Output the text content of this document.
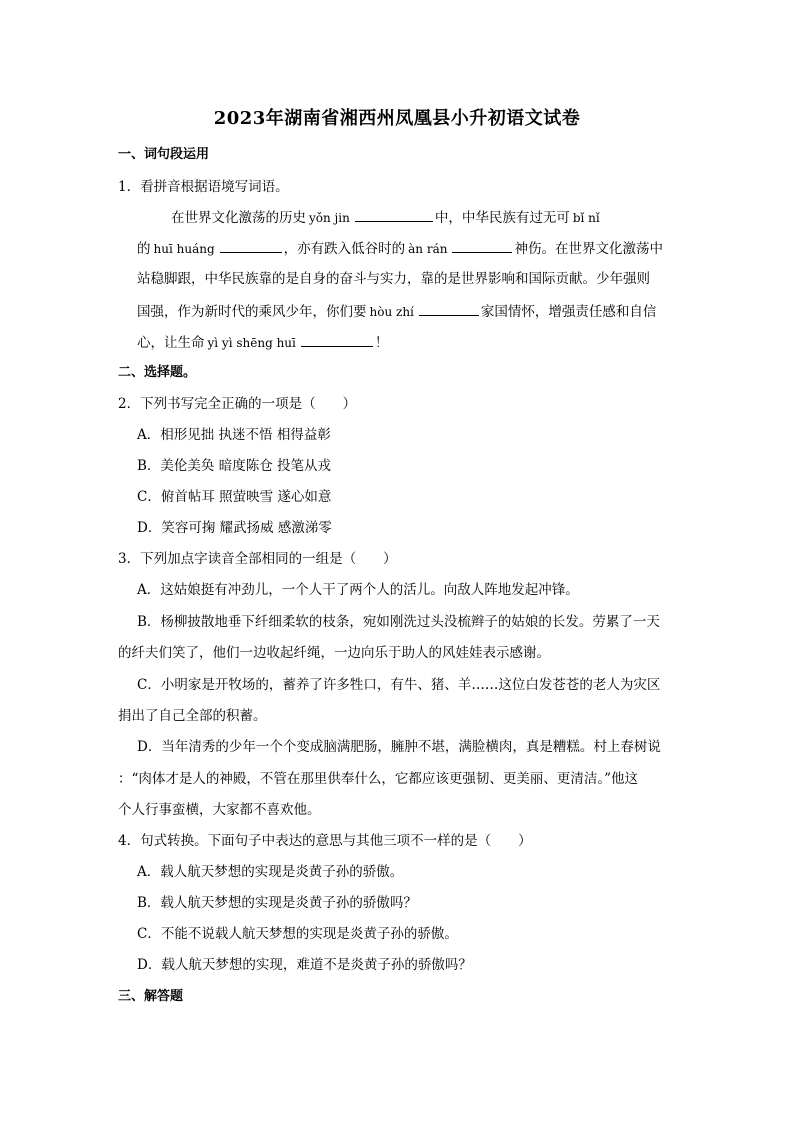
2023年湖南省湘西州凤凰县小升初语文试卷
一、词句段运用
1．看拼音根据语境写词语。
在世界文化激荡的历史 yǒn jin	中，中华民族有过无可 bǐ nǐ
的 huī huáng	，亦有跌入低谷时的 àn rán	神伤。在世界文化激荡中
站稳脚跟，中华民族靠的是自身的奋斗与实力，靠的是世界影响和国际贡献。少年强则
国强，作为新时代的乘风少年，你们要 hòu zhí	家国情怀，增强责任感和自信
心，让生命 yì yì shēng huī	！
二、选择题。
2．下列书写完全正确的一项是（　　）
A．相形见拙 执迷不悟 相得益彰
B．美伦美奂 暗度陈仓 投笔从戎
C．俯首帖耳 照萤映雪 遂心如意
D．笑容可掬 耀武扬威 感激涕零
3．下列加点字读音全部相同的一组是（　　）
A．这姑娘挺有冲劲儿，一个人干了两个人的活儿。向敌人阵地发起冲锋。
B．杨柳披散地垂下纤细柔软的枝条，宛如刚洗过头没梳辫子的姑娘的长发。劳累了一天
的纤夫们笑了，他们一边收起纤绳，一边向乐于助人的风娃娃表示感谢。
C．小明家是开牧场的，蓄养了许多牲口，有牛、猪、羊……这位白发苍苍的老人为灾区
捐出了自己全部的积蓄。
D．当年清秀的少年一个个变成脑满肥肠，臃肿不堪，满脸横肉，真是糟糕。村上春树说
：“肉体才是人的神殿，不管在那里供奉什么，它都应该更强韧、更美丽、更清洁。”他这
个人行事蛮横，大家都不喜欢他。
4．句式转换。下面句子中表达的意思与其他三项不一样的是（　　）
A．载人航天梦想的实现是炎黄子孙的骄傲。
B．载人航天梦想的实现是炎黄子孙的骄傲吗？
C．不能不说载人航天梦想的实现是炎黄子孙的骄傲。
D．载人航天梦想的实现，难道不是炎黄子孙的骄傲吗？
三、解答题
